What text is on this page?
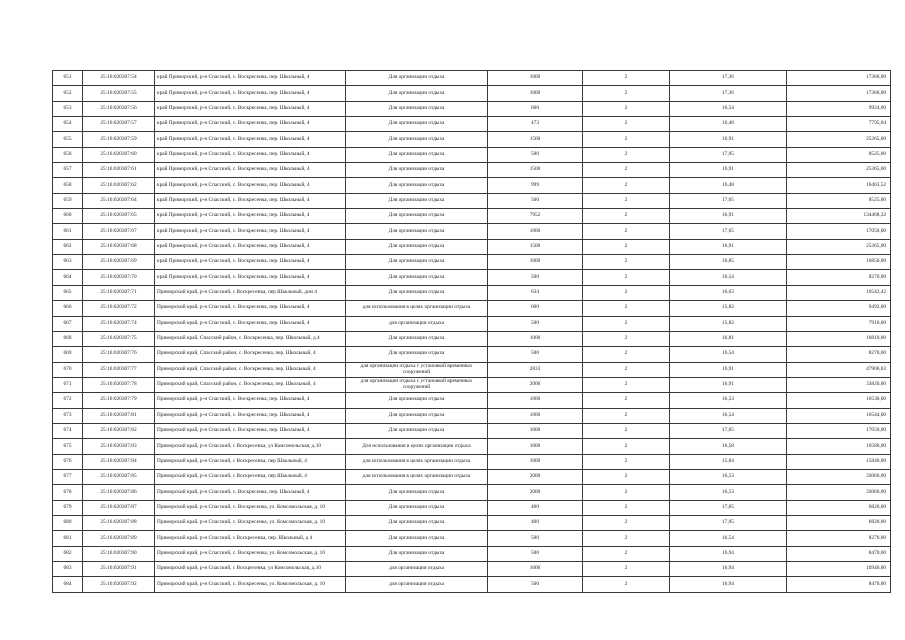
651	25:16:020307:54	край Приморский, р-н Спасский, с. Воскресенка, пер. Школьный, 4	Для организации отдыха	1000	2	17,36	17360,00
652	25:16:020307:55	край Приморский, р-н Спасский, с. Воскресенка, пер. Школьный, 4	Для организации отдыха	1000	2	17,36	17360,00
653	25:16:020307:56	край Приморский, р-н Спасский, с. Воскресенка, пер. Школьный, 4	Для организации отдыха	600	2	16,54	9924,00
654	25:16:020307:57	край Приморский, р-н Спасский, с. Воскресенка, пер. Школьный, 4	Для организации отдыха	473	2	16,48	7795,04
655	25:16:020307:59	край Приморский, р-н Спасский, с. Воскресенка, пер. Школьный, 4	Для организации отдыха	1500	2	16,91	25365,00
656	25:16:020307:60	край Приморский, р-н Спасский, с. Воскресенка, пер. Школьный, 4	Для организации отдыха	500	2	17,05	8525,00
657	25:16:020307:61	край Приморский, р-н Спасский, с. Воскресенка, пер. Школьный, 4	Для организации отдыха	1500	2	16,91	25365,00
658	25:16:020307:62	край Приморский, р-н Спасский, с. Воскресенка, пер. Школьный, 4	Для организации отдыха	999	2	16,48	16463,52
659	25:16:020307:64	край Приморский, р-н Спасский, с. Воскресенка, пер. Школьный, 4	Для организации отдыха	500	2	17,05	8525,00
660	25:16:020307:65	край Приморский, р-н Спасский, с. Воскресенка, пер. Школьный, 4	Для организации отдыха	7952	2	16,91	134468,32
661	25:16:020307:67	край Приморский, р-н Спасский, с. Воскресенка, пер. Школьный, 4	Для организации отдыха	1000	2	17,05	17050,00
662	25:16:020307:68	край Приморский, р-н Спасский, с. Воскресенка, пер. Школьный, 4	Для организации отдыха	1500	2	16,91	25365,00
663	25:16:020307:69	край Приморский, р-н Спасский, с. Воскресенка, пер. Школьный, 4	Для организации отдыха	1000	2	16,85	16850,00
664	25:16:020307:70	край Приморский, р-н Спасский, с. Воскресенка, пер. Школьный, 4	Для организации отдыха	500	2	16,54	8270,00
665	25:16:020307:71	Приморский край, р-н Спасский, с Воскресенка, пер Школьный, дом 4	Для организации отдыха	634	2	16,63	10543,42
666	25:16:020307:72	Приморский край, р-н Спасский, с. Воскресенка, пер. Школьный, 4	для использования в целях организации отдыха	600	2	15,82	9492,00
667	25:16:020307:74	Приморский край, р-н Спасский, с. Воскресенка, пер. Школьный, 4	для организации отдыха	500	2	15,82	7910,00
668	25:16:020307:75	Приморский край, Спасский район, с. Воскресенка, пер. Школьный, д.4	Для организации отдыха	1000	2	16,81	16810,00
669	25:16:020307:76	Приморский край, Спасский район, с. Воскресенка, пер. Школьный, 4	Для организации отдыха	500	2	16,54	8270,00
670	25:16:020307:77	Приморский край, Спасский район, с. Воскресенка, пер. Школьный, 4	для организации отдыха с установкой временных сооружений	2833	2	16,91	47906,03
671	25:16:020307:78	Приморский край, Спасский район, с. Воскресенка, пер. Школьный, 4	для организации отдыха с установкой временных сооружений	2000	2	16,91	33820,00
672	25:16:020307:79	Приморский край, р-н Спасский, с. Воскресенка, пер. Школьный, 4	Для организации отдыха	1000	2	16,53	16530,00
673	25:16:020307:81	Приморский край, р-н Спасский, с. Воскресенка, пер. Школьный, 4	Для организации отдыха	1000	2	16,54	16544,00
674	25:16:020307:82	Приморский край, р-н Спасский, с. Воскресенка, пер. Школьный, 4	Для организации отдыха	1000	2	17,05	17050,00
675	25:16:020307:83	Приморский край, р-н Спасский, с Воскресенка, ул Комсомольская, д.10	Для использования в целях организации отдыха	1000	2	16,58	16580,00
676	25:16:020307:84	Приморский край, р-н Спасский, с Воскресенка, пер Школьный, 4	для использования в целях организации отдыха	1000	2	15,84	15840,00
677	25:16:020307:85	Приморский край, р-н Спасский, с Воскресенка, пер Школьный, 4	для использования в целях организации отдыха	2000	2	16,53	33060,00
678	25:16:020307:86	Приморский край, р-н Спасский, с. Воскресенка, пер. Школьный, 4	Для организации отдыха	2000	2	16,53	33060,00
679	25:16:020307:87	Приморский край, р-н Спасский, с. Воскресенка, ул. Комсомольская, д. 10	Для организации отдыха	400	2	17,05	6820,00
680	25:16:020307:88	Приморский край, р-н Спасский, с. Воскресенка, ул. Комсомольская, д. 10	Для организации отдыха	400	2	17,05	6820,00
681	25:16:020307:89	Приморский край, р-н Спасский, с Воскресенка, пер. Школьный, д 4	Для организации отдыха	500	2	16,54	8270,00
682	25:16:020307:90	Приморский край, р-н Спасский, с. Воскресенка, ул. Комсомольская, д. 10	Для организации отдыха	500	2	16,94	8470,00
683	25:16:020307:91	Приморский край, р-н Спасский, с Воскресенка, ул Комсомольская, д.10	для организации отдыха	1000	2	16,94	16940,00
684	25:16:020307:92	Приморский край, р-н Спасский, с. Воскресенка, ул. Комсомольская, д. 10	для организации отдыха	500	2	16,94	8470,00
